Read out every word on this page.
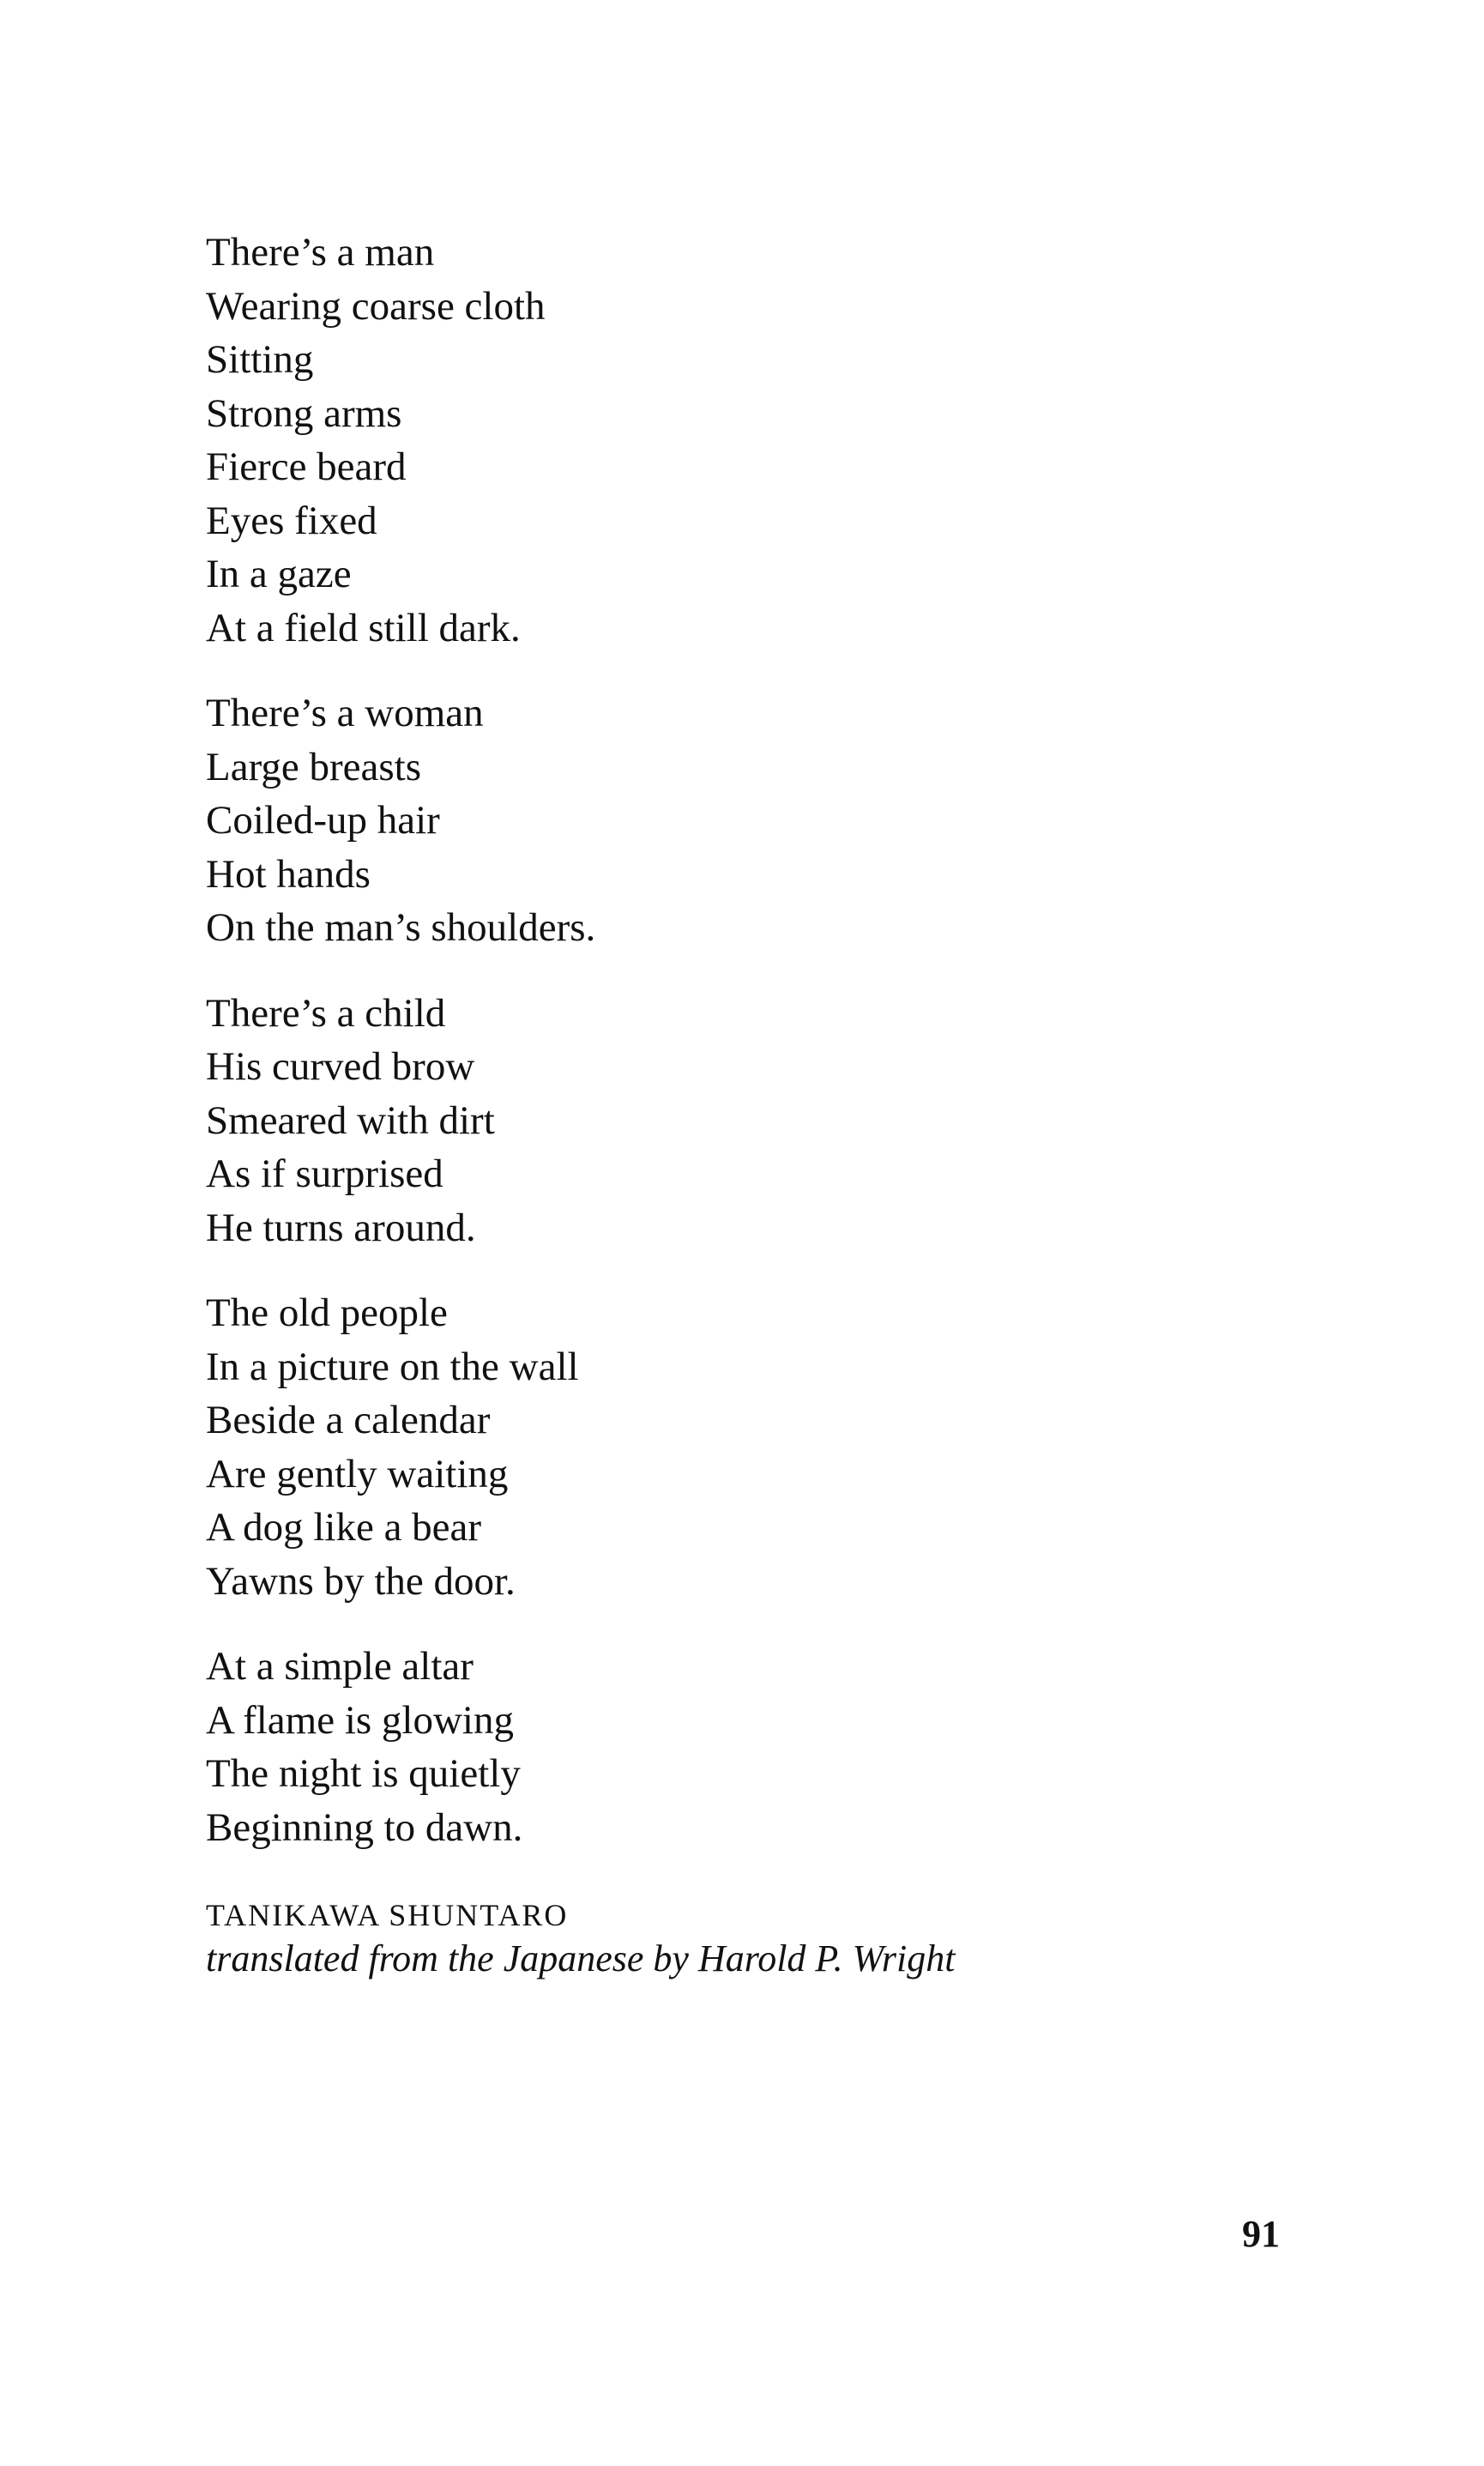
There’s a man
Wearing coarse cloth
Sitting
Strong arms
Fierce beard
Eyes fixed
In a gaze
At a field still dark.
There’s a woman
Large breasts
Coiled-up hair
Hot hands
On the man’s shoulders.
There’s a child
His curved brow
Smeared with dirt
As if surprised
He turns around.
The old people
In a picture on the wall
Beside a calendar
Are gently waiting
A dog like a bear
Yawns by the door.
At a simple altar
A flame is glowing
The night is quietly
Beginning to dawn.
TANIKAWA SHUNTARO
translated from the Japanese by Harold P. Wright
91
